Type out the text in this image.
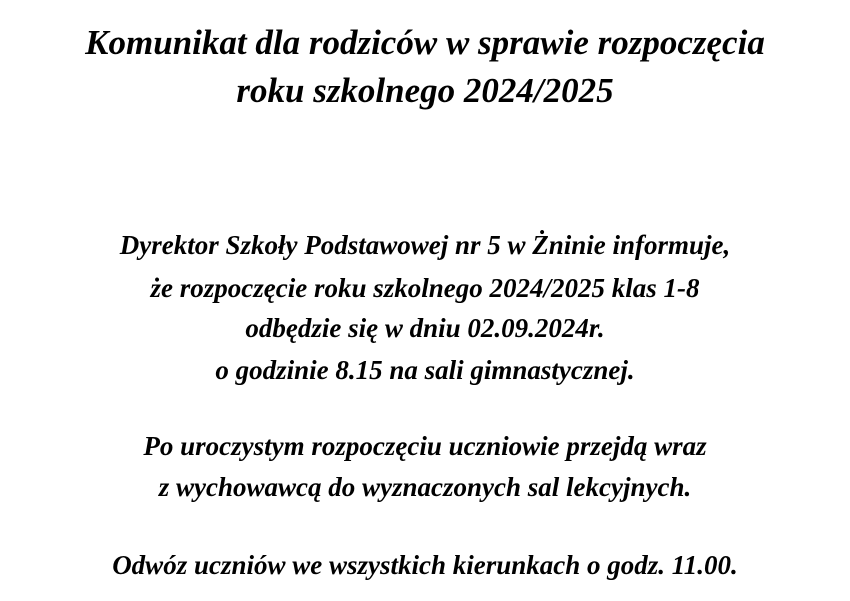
Komunikat dla rodziców w sprawie rozpoczęcia
roku szkolnego 2024/2025
Dyrektor Szkoły Podstawowej nr 5 w Żninie informuje,
że rozpoczęcie roku szkolnego 2024/2025 klas 1-8
odbędzie się w dniu 02.09.2024r.
o godzinie 8.15 na sali gimnastycznej.
Po uroczystym rozpoczęciu uczniowie przejdą wraz
z wychowawcą do wyznaczonych sal lekcyjnych.
Odwóz uczniów we wszystkich kierunkach o godz. 11.00.
